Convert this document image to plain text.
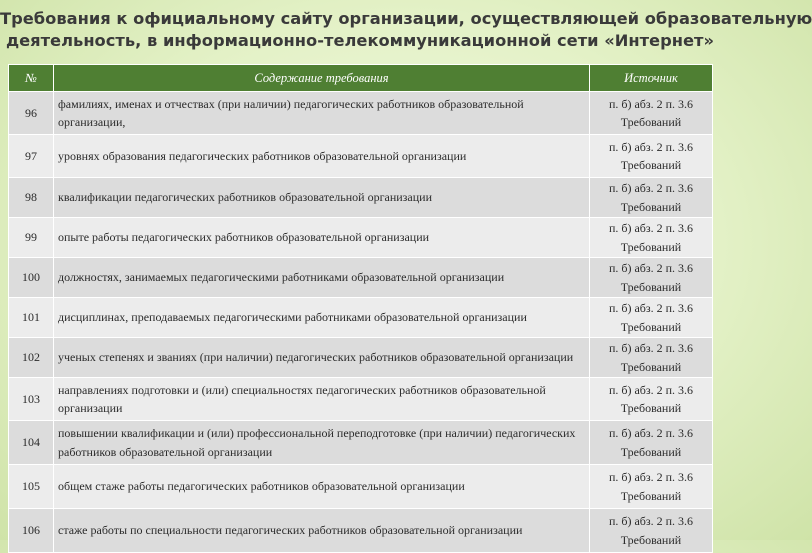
Требования к официальному сайту организации, осуществляющей образовательную
деятельность, в информационно-телекоммуникационной сети «Интернет»
№	Содержание требования	Источник
96	фамилиях, именах и отчествах (при наличии) педагогических работников образовательной организации,	п. б) абз. 2 п. 3.6 Требований
97	уровнях образования педагогических работников образовательной организации	п. б) абз. 2 п. 3.6 Требований
98	квалификации педагогических работников образовательной организации	п. б) абз. 2 п. 3.6 Требований
99	опыте работы педагогических работников образовательной организации	п. б) абз. 2 п. 3.6 Требований
100	должностях, занимаемых педагогическими работниками образовательной организации	п. б) абз. 2 п. 3.6 Требований
101	дисциплинах, преподаваемых педагогическими работниками образовательной организации	п. б) абз. 2 п. 3.6 Требований
102	ученых степенях и званиях (при наличии) педагогических работников образовательной организации	п. б) абз. 2 п. 3.6 Требований
103	направлениях подготовки и (или) специальностях педагогических работников образовательной организации	п. б) абз. 2 п. 3.6 Требований
104	повышении квалификации и (или) профессиональной переподготовке (при наличии) педагогических работников образовательной организации	п. б) абз. 2 п. 3.6 Требований
105	общем стаже работы педагогических работников образовательной организации	п. б) абз. 2 п. 3.6 Требований
106	стаже работы по специальности педагогических работников образовательной организации	п. б) абз. 2 п. 3.6 Требований
